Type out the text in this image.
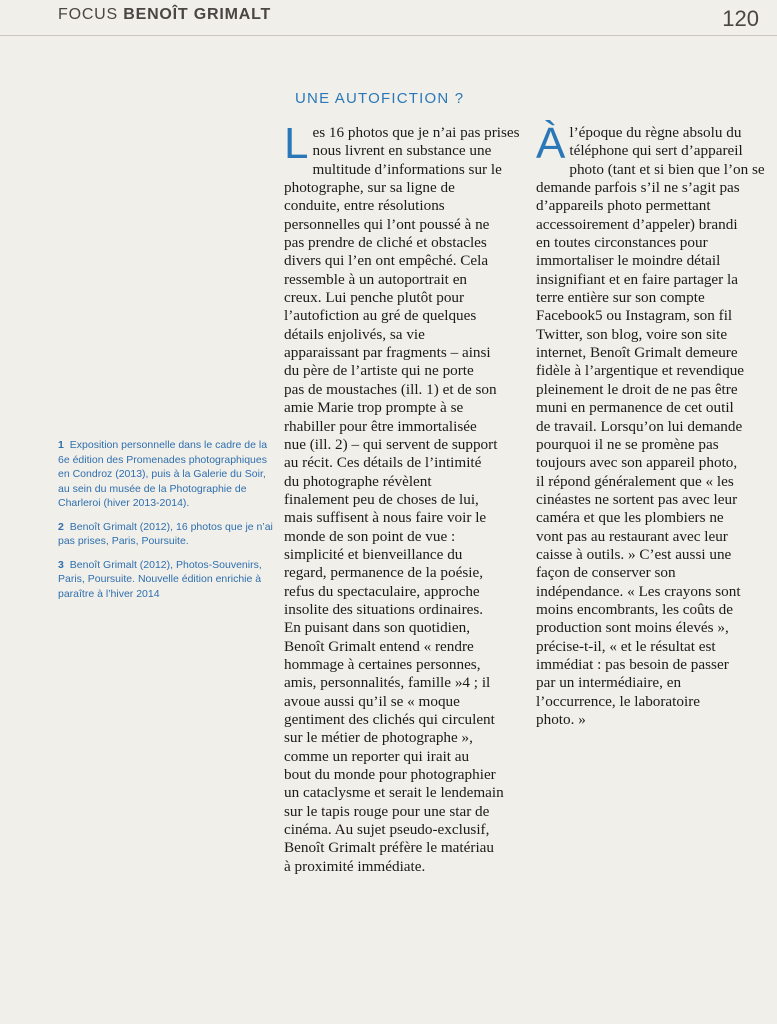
FOCUS BENOÎT GRIMALT	120
UNE AUTOFICTION ?

1 Exposition personnelle dans le cadre de la 6e édition des Promenades photographiques en Condroz (2013), puis à la Galerie du Soir, au sein du musée de la Photographie de Charleroi (hiver 2013-2014).

2 Benoît Grimalt (2012), 16 photos que je n’ai pas prises, Paris, Poursuite.

3 Benoît Grimalt (2012), Photos-Souvenirs, Paris, Poursuite. Nouvelle édition enrichie à paraître à l’hiver 2014

L es 16 photos que je n’ai pas prises
nous livrent en substance une
multitude d’informations sur le
photographe, sur sa ligne de
conduite, entre résolutions
personnelles qui l’ont poussé à ne
pas prendre de cliché et obstacles
divers qui l’en ont empêché. Cela
ressemble à un autoportrait en
creux. Lui penche plutôt pour
l’autofiction au gré de quelques
détails enjolivés, sa vie
apparaissant par fragments – ainsi
du père de l’artiste qui ne porte
pas de moustaches (ill. 1) et de son
amie Marie trop prompte à se
rhabiller pour être immortalisée
nue (ill. 2) – qui servent de support
au récit. Ces détails de l’intimité
du photographe révèlent
finalement peu de choses de lui,
mais suffisent à nous faire voir le
monde de son point de vue :
simplicité et bienveillance du
regard, permanence de la poésie,
refus du spectaculaire, approche
insolite des situations ordinaires.
En puisant dans son quotidien,
Benoît Grimalt entend « rendre
hommage à certaines personnes,
amis, personnalités, famille »4 ; il
avoue aussi qu’il se « moque
gentiment des clichés qui circulent
sur le métier de photographe »,
comme un reporter qui irait au
bout du monde pour photographier
un cataclysme et serait le lendemain
sur le tapis rouge pour une star de
cinéma. Au sujet pseudo-exclusif,
Benoît Grimalt préfère le matériau
à proximité immédiate.
À l’époque du règne absolu du
téléphone qui sert d’appareil
photo (tant et si bien que l’on se
demande parfois s’il ne s’agit pas
d’appareils photo permettant
accessoirement d’appeler) brandi
en toutes circonstances pour
immortaliser le moindre détail
insignifiant et en faire partager la
terre entière sur son compte
Facebook5 ou Instagram, son fil
Twitter, son blog, voire son site
internet, Benoît Grimalt demeure
fidèle à l’argentique et revendique
pleinement le droit de ne pas être
muni en permanence de cet outil
de travail. Lorsqu’on lui demande
pourquoi il ne se promène pas
toujours avec son appareil photo,
il répond généralement que « les
cinéastes ne sortent pas avec leur
caméra et que les plombiers ne
vont pas au restaurant avec leur
caisse à outils. » C’est aussi une
façon de conserver son
indépendance. « Les crayons sont
moins encombrants, les coûts de
production sont moins élevés »,
précise-t-il, « et le résultat est
immédiat : pas besoin de passer
par un intermédiaire, en
l’occurrence, le laboratoire
photo. »
